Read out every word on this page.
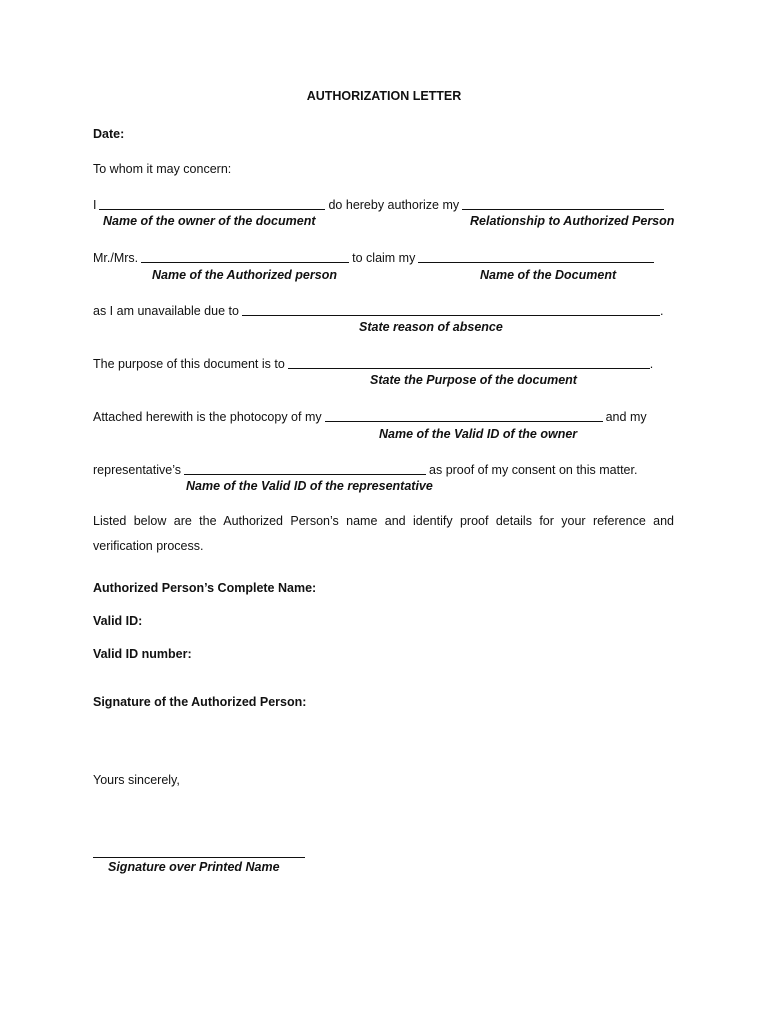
AUTHORIZATION LETTER
Date:
To whom it may concern:
I	do hereby authorize my
Name of the owner of the document	Relationship to Authorized Person
Mr./Mrs.	to claim my
Name of the Authorized person	Name of the Document
as I am unavailable due to	.
State reason of absence
The purpose of this document is to	.
State the Purpose of the document
Attached herewith is the photocopy of my	and my
Name of the Valid ID of the owner
representative’s	as proof of my consent on this matter.
Name of the Valid ID of the representative
Listed below are the Authorized Person’s name and identify proof details for your reference and verification process.
Authorized Person’s Complete Name:
Valid ID:
Valid ID number:
Signature of the Authorized Person:
Yours sincerely,
Signature over Printed Name
